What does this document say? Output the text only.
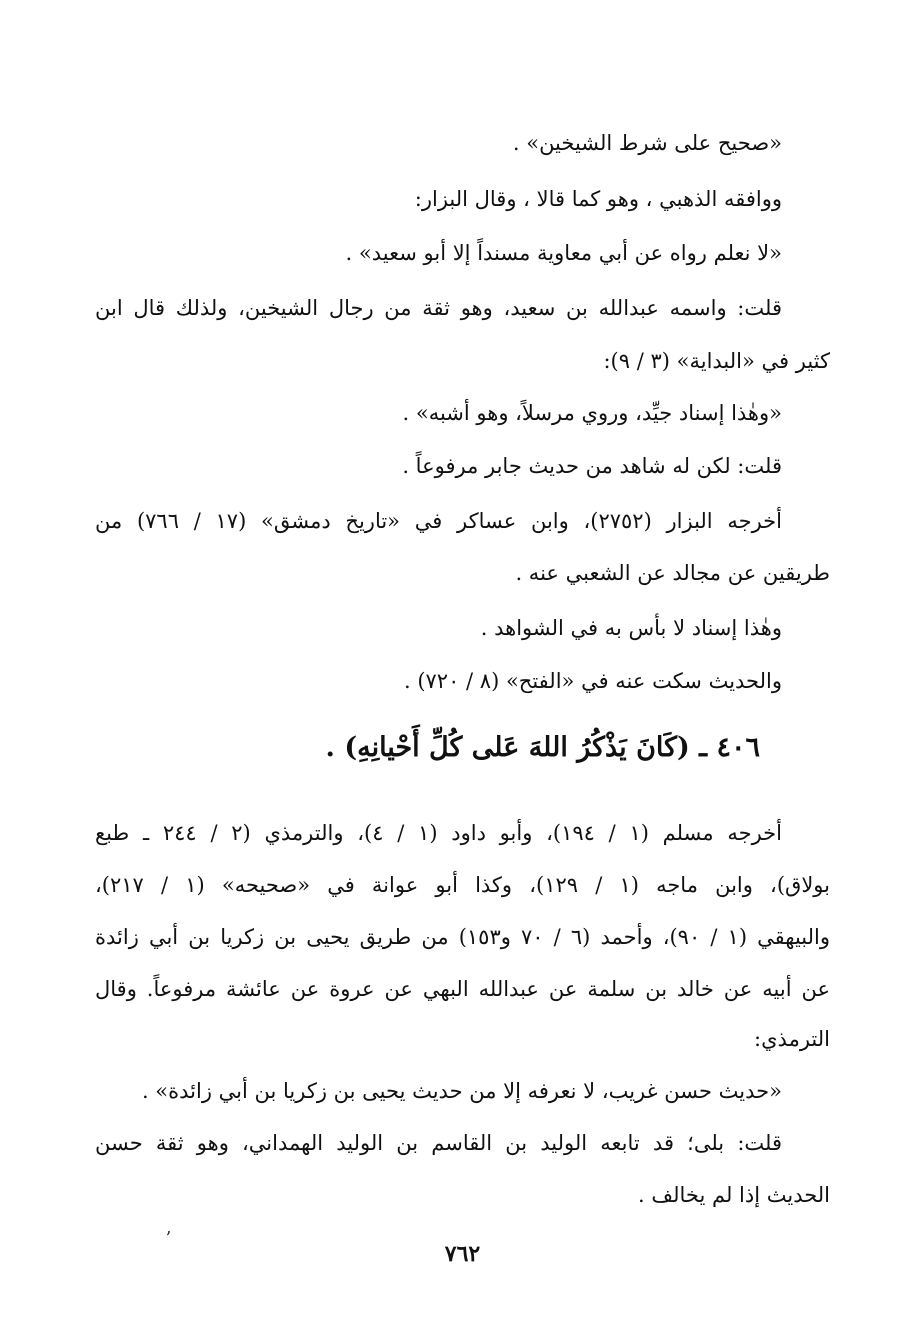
«صحيح على شرط الشيخين» .
ووافقه الذهبي ، وهو كما قالا ، وقال البزار:
«لا نعلم رواه عن أبي معاوية مسنداً إلا أبو سعيد» .
قلت: واسمه عبدالله بن سعيد، وهو ثقة من رجال الشيخين، ولذلك قال ابن
كثير في «البداية» (٣ / ٩):
«وهٰذا إسناد جيِّد، وروي مرسلاً، وهو أشبه» .
قلت: لكن له شاهد من حديث جابر مرفوعاً .
أخرجه البزار (٢٧٥٢)، وابن عساكر في «تاريخ دمشق» (١٧ / ٧٦٦) من
طريقين عن مجالد عن الشعبي عنه .
وهٰذا إسناد لا بأس به في الشواهد .
والحديث سكت عنه في «الفتح» (٨ / ٧٢٠) .
٤٠٦ ـ (كَانَ يَذْكُرُ اللهَ عَلى كُلِّ أَحْيانِهِ) .
أخرجه مسلم (١ / ١٩٤)، وأبو داود (١ / ٤)، والترمذي (٢ / ٢٤٤ ـ طبع
بولاق)، وابن ماجه (١ / ١٢٩)، وكذا أبو عوانة في «صحيحه» (١ / ٢١٧)،
والبيهقي (١ / ٩٠)، وأحمد (٦ / ٧٠ و١٥٣) من طريق يحيى بن زكريا بن أبي زائدة
عن أبيه عن خالد بن سلمة عن عبدالله البهي عن عروة عن عائشة مرفوعاً. وقال
الترمذي:
«حديث حسن غريب، لا نعرفه إلا من حديث يحيى بن زكريا بن أبي زائدة» .
قلت: بلى؛ قد تابعه الوليد بن القاسم بن الوليد الهمداني، وهو ثقة حسن
الحديث إذا لم يخالف .
ʼ
٧٦٢
